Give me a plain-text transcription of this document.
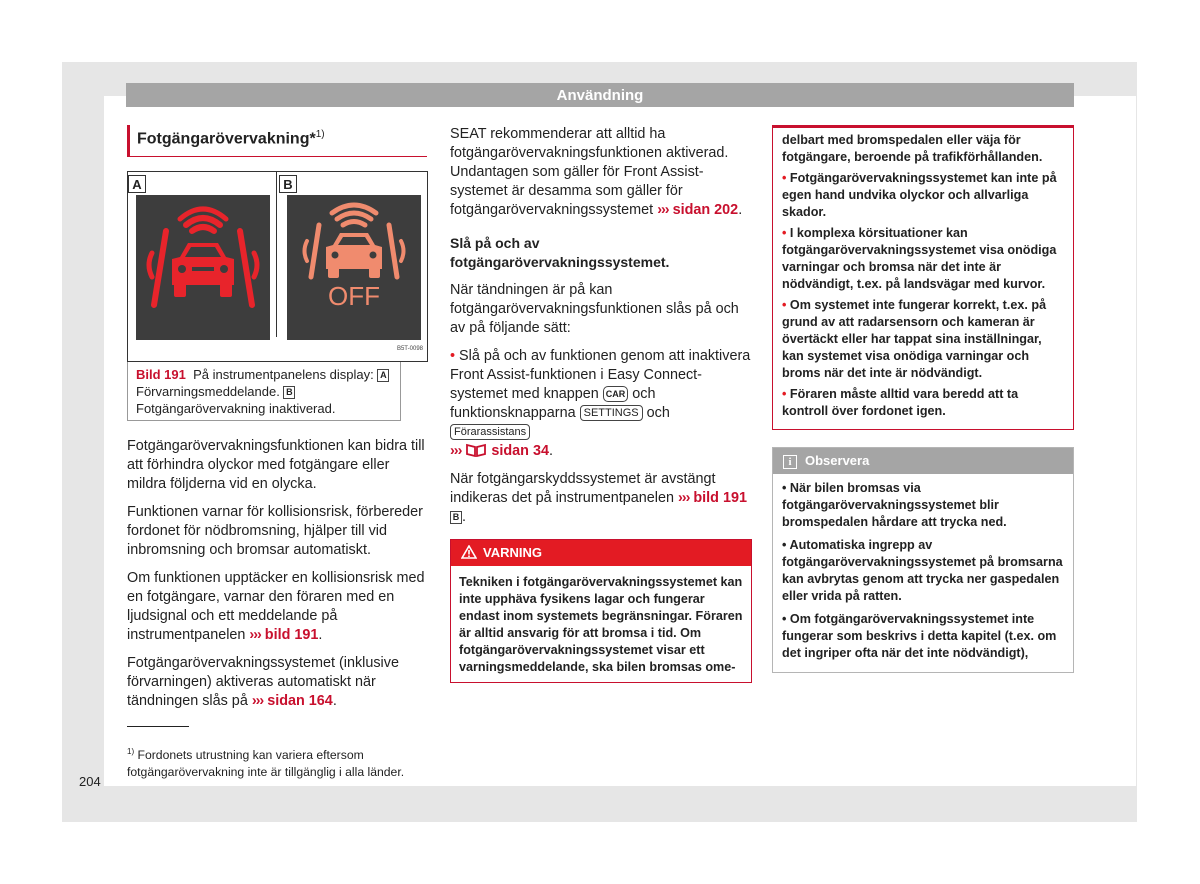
Användning
Fotgängarövervakning*$^{1)}$
A	B
OFF
B5T-0098
Bild 191 På instrumentpanelens display: A Förvarningsmeddelande. B Fotgängarövervakning inaktiverad.

Fotgängarövervakningsfunktionen kan bidra till att förhindra olyckor med fotgängare eller mildra följderna vid en olycka.

Funktionen varnar för kollisionsrisk, förbereder fordonet för nödbromsning, hjälper till vid inbromsning och bromsar automatiskt.

Om funktionen upptäcker en kollisionsrisk med en fotgängare, varnar den föraren med en ljudsignal och ett meddelande på instrumentpanelen ››› bild 191.

Fotgängarövervakningssystemet (inklusive förvarningen) aktiveras automatiskt när tändningen slås på ››› sidan 164.

$^{1)}$ Fordonets utrustning kan variera eftersom fotgängarövervakning inte är tillgänglig i alla länder.
204

SEAT rekommenderar att alltid ha fotgängarövervakningsfunktionen aktiverad. Undantagen som gäller för Front Assist-systemet är desamma som gäller för fotgängarövervakningssystemet ››› sidan 202.

Slå på och av fotgängarövervakningssystemet.

När tändningen är på kan fotgängarövervakningsfunktionen slås på och av på följande sätt:

• Slå på och av funktionen genom att inaktivera Front Assist-funktionen i Easy Connect-systemet med knappen CAR och funktionsknapparna SETTINGS och Förarassistans
››› sidan 34.

När fotgängarskyddssystemet är avstängt indikeras det på instrumentpanelen ››› bild 191
B .

VARNING
Tekniken i fotgängarövervakningssystemet kan inte upphäva fysikens lagar och fungerar endast inom systemets begränsningar. Föraren är alltid ansvarig för att bromsa i tid. Om fotgängarövervakningssystemet visar ett varningsmeddelande, ska bilen bromsas ome-

delbart med bromspedalen eller väja för fotgängare, beroende på trafikförhållanden.

• Fotgängarövervakningssystemet kan inte på egen hand undvika olyckor och allvarliga skador.

• I komplexa körsituationer kan fotgängarövervakningssystemet visa onödiga varningar och bromsa när det inte är nödvändigt, t.ex. på landsvägar med kurvor.

• Om systemet inte fungerar korrekt, t.ex. på grund av att radarsensorn och kameran är övertäckt eller har tappat sina inställningar, kan systemet visa onödiga varningar och broms när det inte är nödvändigt.

• Föraren måste alltid vara beredd att ta kontroll över fordonet igen.

i Observera

• När bilen bromsas via fotgängarövervakningssystemet blir bromspedalen hårdare att trycka ned.

• Automatiska ingrepp av fotgängarövervakningssystemet på bromsarna kan avbrytas genom att trycka ner gaspedalen eller vrida på ratten.

• Om fotgängarövervakningssystemet inte fungerar som beskrivs i detta kapitel (t.ex. om det ingriper ofta när det inte nödvändigt),
